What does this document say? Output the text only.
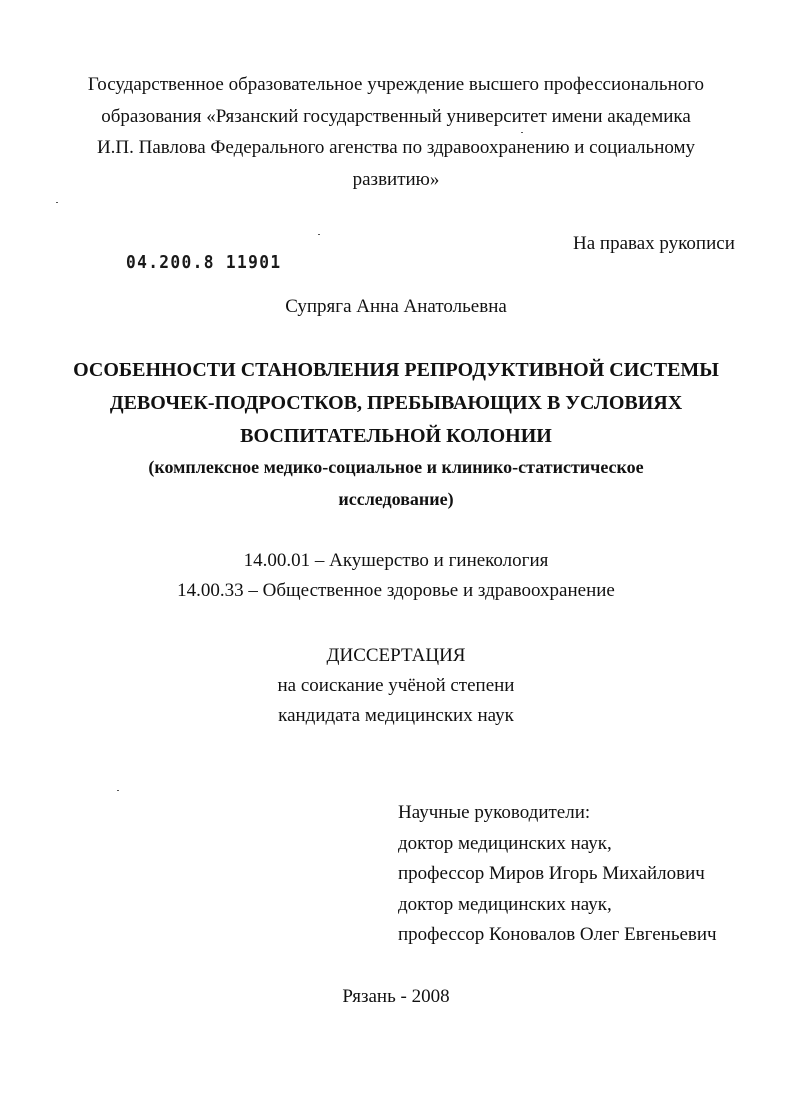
Государственное образовательное учреждение высшего профессионального
образования «Рязанский государственный университет имени академика
И.П. Павлова Федерального агенства по здравоохранению и социальному
развитию»
04.200.8 11901
На правах рукописи
Супряга Анна Анатольевна
ОСОБЕННОСТИ СТАНОВЛЕНИЯ РЕПРОДУКТИВНОЙ СИСТЕМЫ
ДЕВОЧЕК-ПОДРОСТКОВ, ПРЕБЫВАЮЩИХ В УСЛОВИЯХ
ВОСПИТАТЕЛЬНОЙ КОЛОНИИ
(комплексное медико-социальное и клинико-статистическое
исследование)
14.00.01 – Акушерство и гинекология
14.00.33 – Общественное здоровье и здравоохранение
ДИССЕРТАЦИЯ
на соискание учёной степени
кандидата медицинских наук
Научные руководители:
доктор медицинских наук,
профессор Миров Игорь Михайлович
доктор медицинских наук,
профессор Коновалов Олег Евгеньевич
Рязань - 2008
